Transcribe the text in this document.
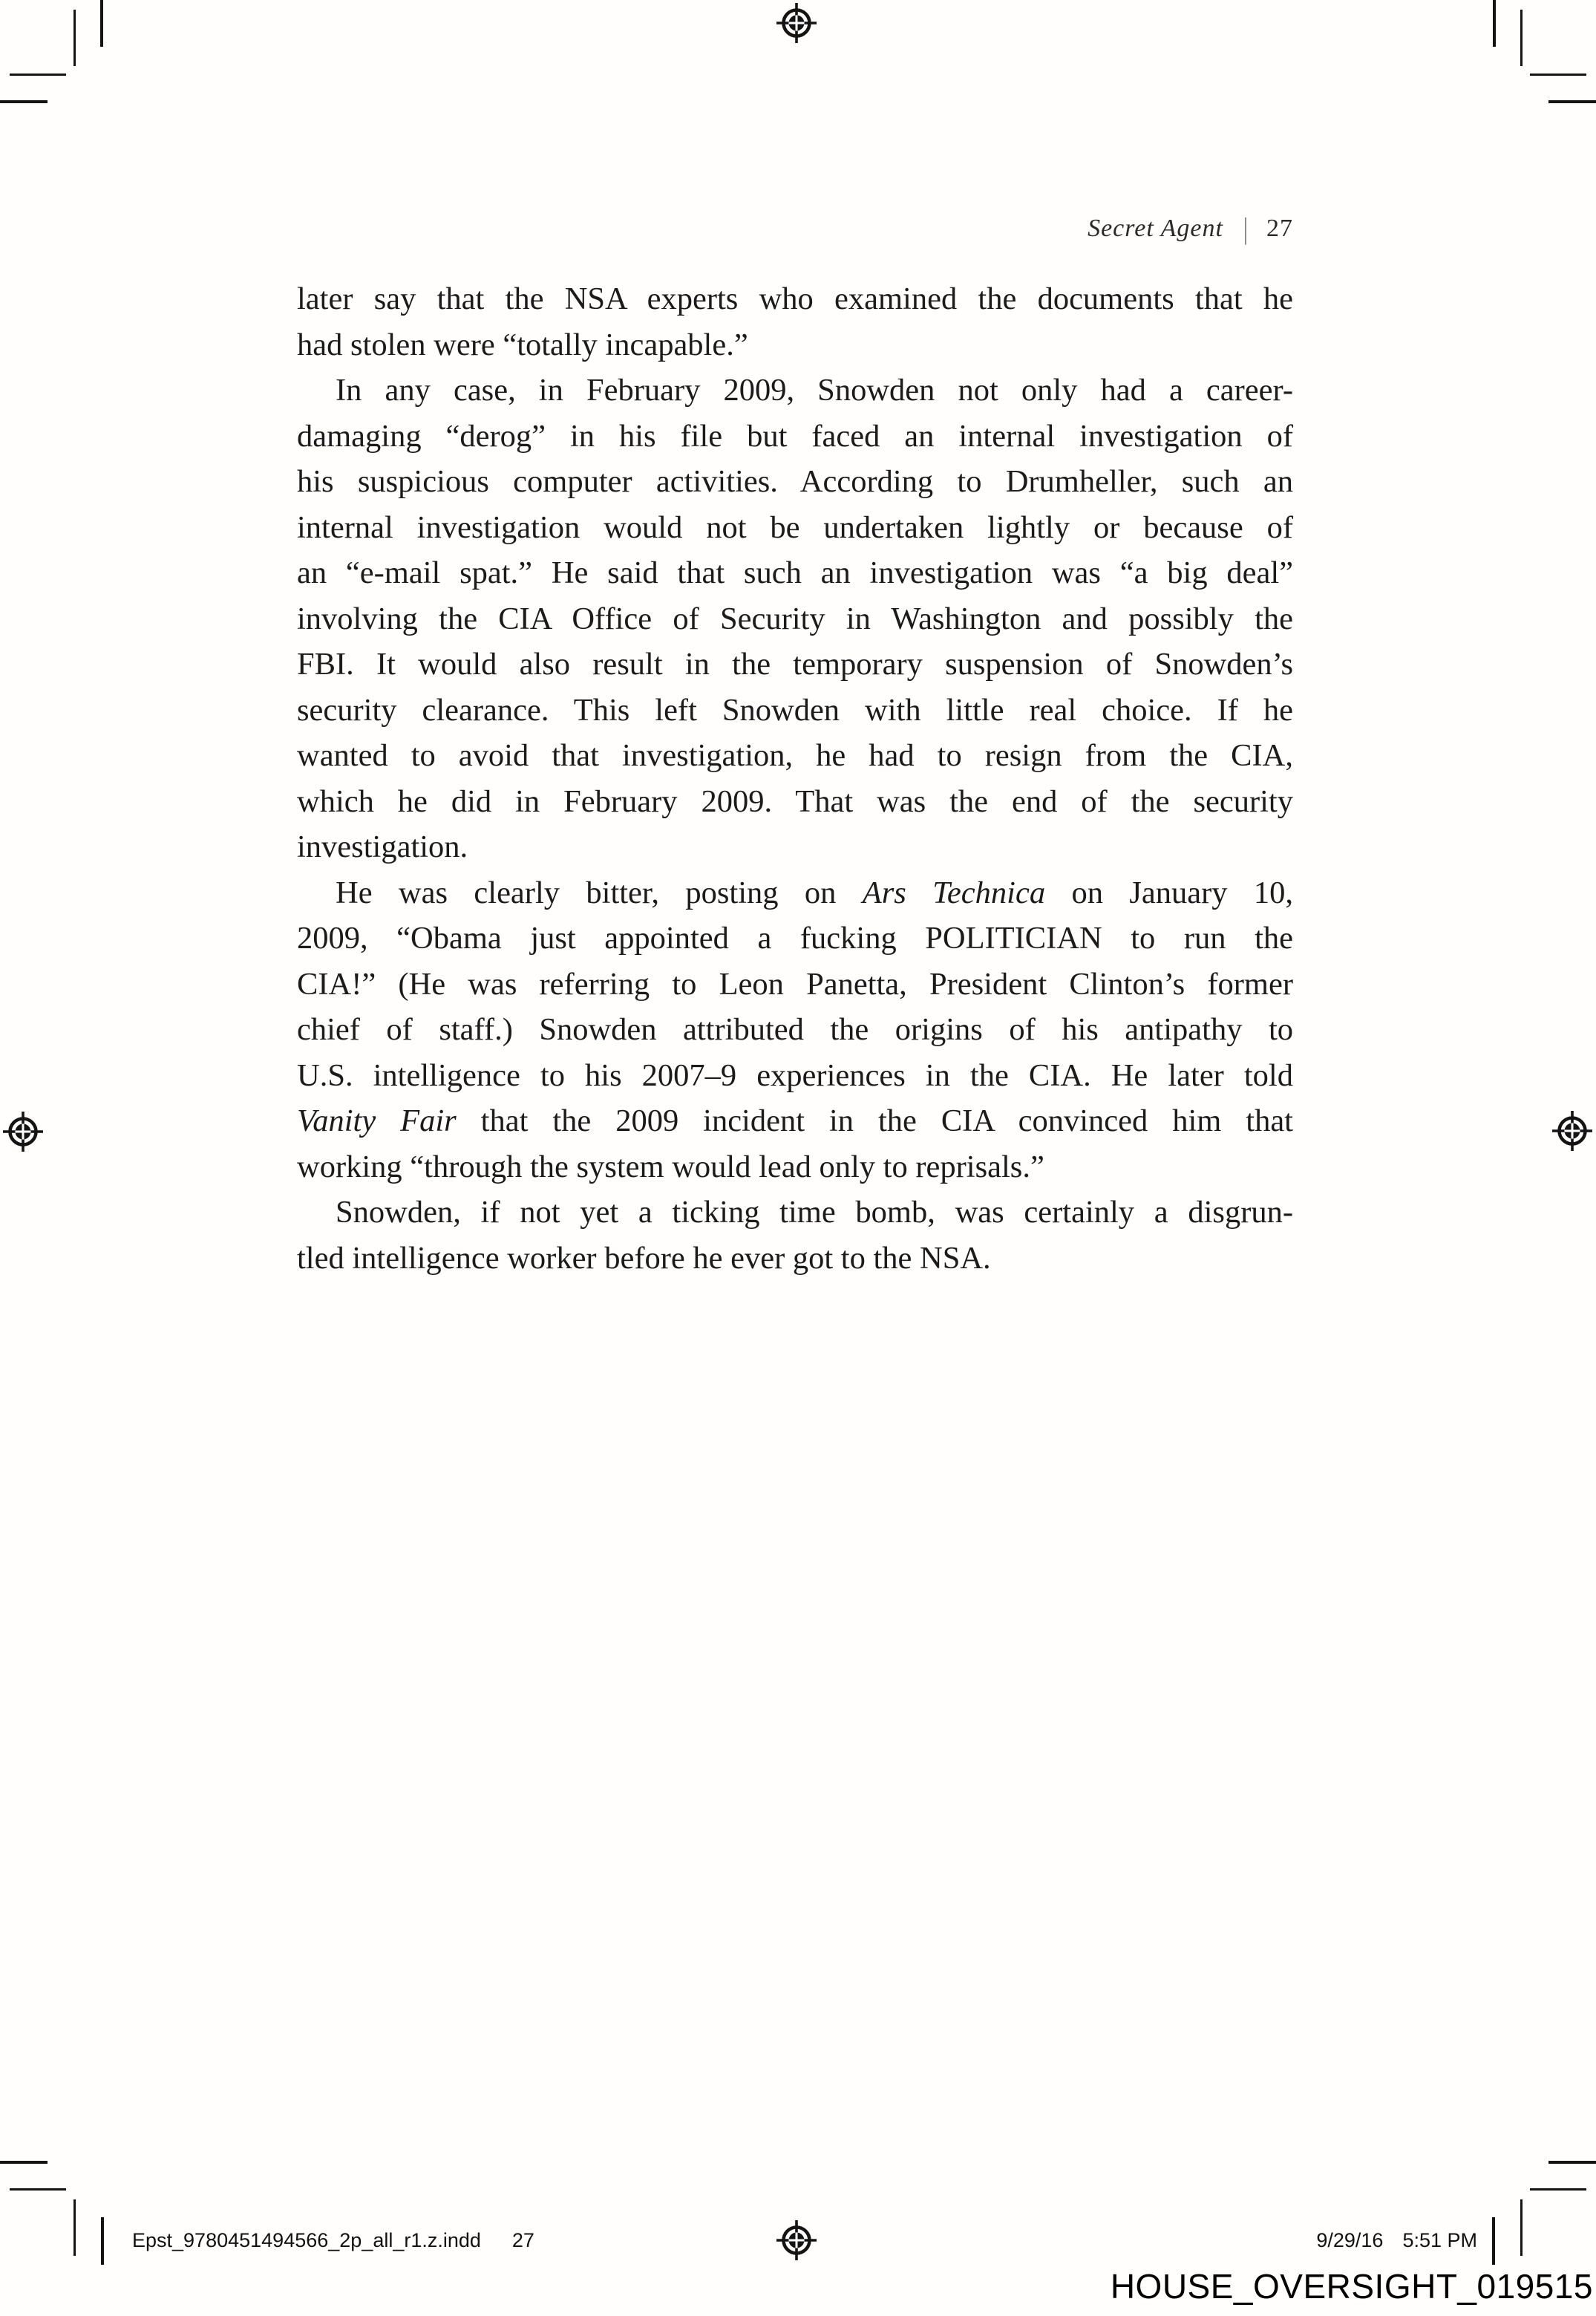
Secret Agent | 27
later say that the NSA experts who examined the documents that he
had stolen were “totally incapable.”
In any case, in February 2009, Snowden not only had a career-
damaging “derog” in his file but faced an internal investigation of
his suspicious computer activities. According to Drumheller, such an
internal investigation would not be undertaken lightly or because of
an “e-mail spat.” He said that such an investigation was “a big deal”
involving the CIA Office of Security in Washington and possibly the
FBI. It would also result in the temporary suspension of Snowden’s
security clearance. This left Snowden with little real choice. If he
wanted to avoid that investigation, he had to resign from the CIA,
which he did in February 2009. That was the end of the security
investigation.
He was clearly bitter, posting on Ars Technica on January 10,
2009, “Obama just appointed a fucking POLITICIAN to run the
CIA!” (He was referring to Leon Panetta, President Clinton’s former
chief of staff.) Snowden attributed the origins of his antipathy to
U.S. intelligence to his 2007–9 experiences in the CIA. He later told
Vanity Fair that the 2009 incident in the CIA convinced him that
working “through the system would lead only to reprisals.”
Snowden, if not yet a ticking time bomb, was certainly a disgrun-
tled intelligence worker before he ever got to the NSA.
Epst_9780451494566_2p_all_r1.z.indd 27	9/29/16 5:51 PM
HOUSE_OVERSIGHT_019515
